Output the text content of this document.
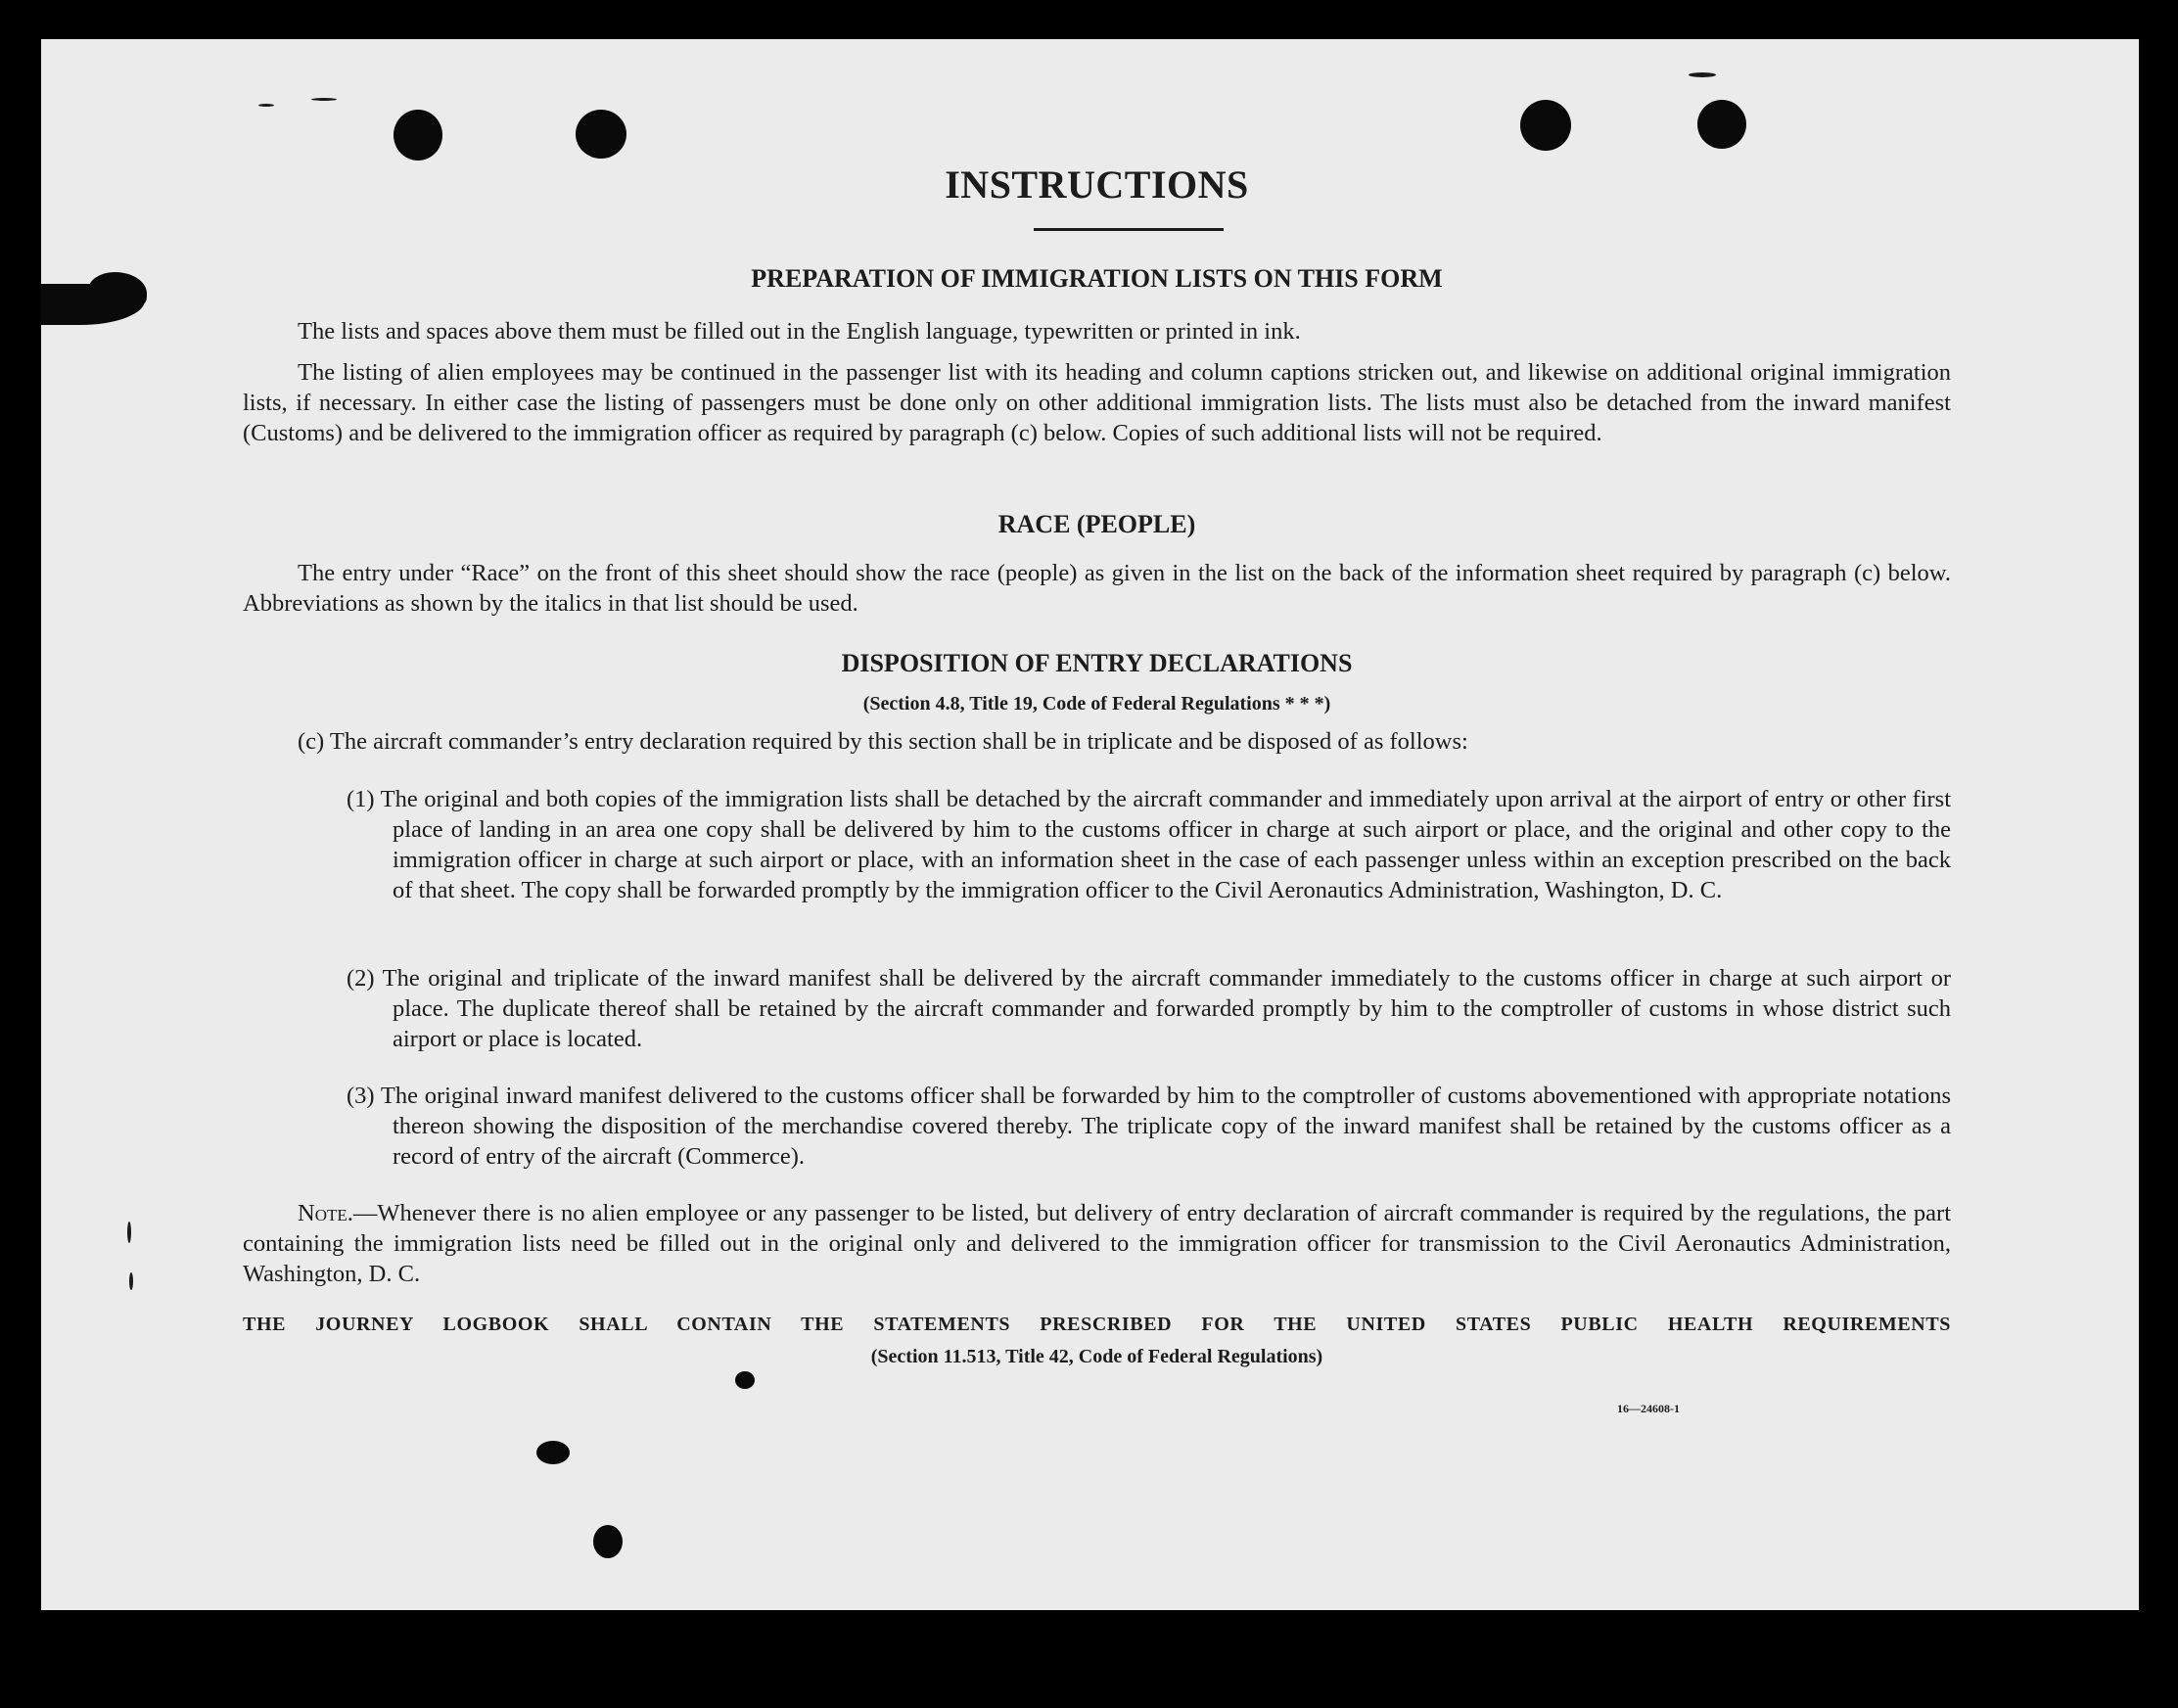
INSTRUCTIONS
PREPARATION OF IMMIGRATION LISTS ON THIS FORM
The lists and spaces above them must be filled out in the English language, typewritten or printed in ink.
The listing of alien employees may be continued in the passenger list with its heading and column captions stricken out, and likewise on additional original immigration lists, if necessary. In either case the listing of passengers must be done only on other additional immigration lists. The lists must also be detached from the inward manifest (Customs) and be delivered to the immigration officer as required by paragraph (c) below. Copies of such additional lists will not be required.
RACE (PEOPLE)
The entry under “Race” on the front of this sheet should show the race (people) as given in the list on the back of the information sheet required by paragraph (c) below. Abbreviations as shown by the italics in that list should be used.
DISPOSITION OF ENTRY DECLARATIONS
(Section 4.8, Title 19, Code of Federal Regulations * * *)
(c) The aircraft commander’s entry declaration required by this section shall be in triplicate and be disposed of as follows:
(1) The original and both copies of the immigration lists shall be detached by the aircraft commander and immediately upon arrival at the airport of entry or other first place of landing in an area one copy shall be delivered by him to the customs officer in charge at such airport or place, and the original and other copy to the immigration officer in charge at such airport or place, with an information sheet in the case of each passenger unless within an exception prescribed on the back of that sheet. The copy shall be forwarded promptly by the immigration officer to the Civil Aeronautics Administration, Washington, D. C.
(2) The original and triplicate of the inward manifest shall be delivered by the aircraft commander immediately to the customs officer in charge at such airport or place. The duplicate thereof shall be retained by the aircraft commander and forwarded promptly by him to the comptroller of customs in whose district such airport or place is located.
(3) The original inward manifest delivered to the customs officer shall be forwarded by him to the comptroller of customs abovementioned with appropriate notations thereon showing the disposition of the merchandise covered thereby. The triplicate copy of the inward manifest shall be retained by the customs officer as a record of entry of the aircraft (Commerce).
Note.—Whenever there is no alien employee or any passenger to be listed, but delivery of entry declaration of aircraft commander is required by the regulations, the part containing the immigration lists need be filled out in the original only and delivered to the immigration officer for transmission to the Civil Aeronautics Administration, Washington, D. C.
THE JOURNEY LOGBOOK SHALL CONTAIN THE STATEMENTS PRESCRIBED FOR THE UNITED STATES PUBLIC HEALTH REQUIREMENTS
(Section 11.513, Title 42, Code of Federal Regulations)
16—24608-1
